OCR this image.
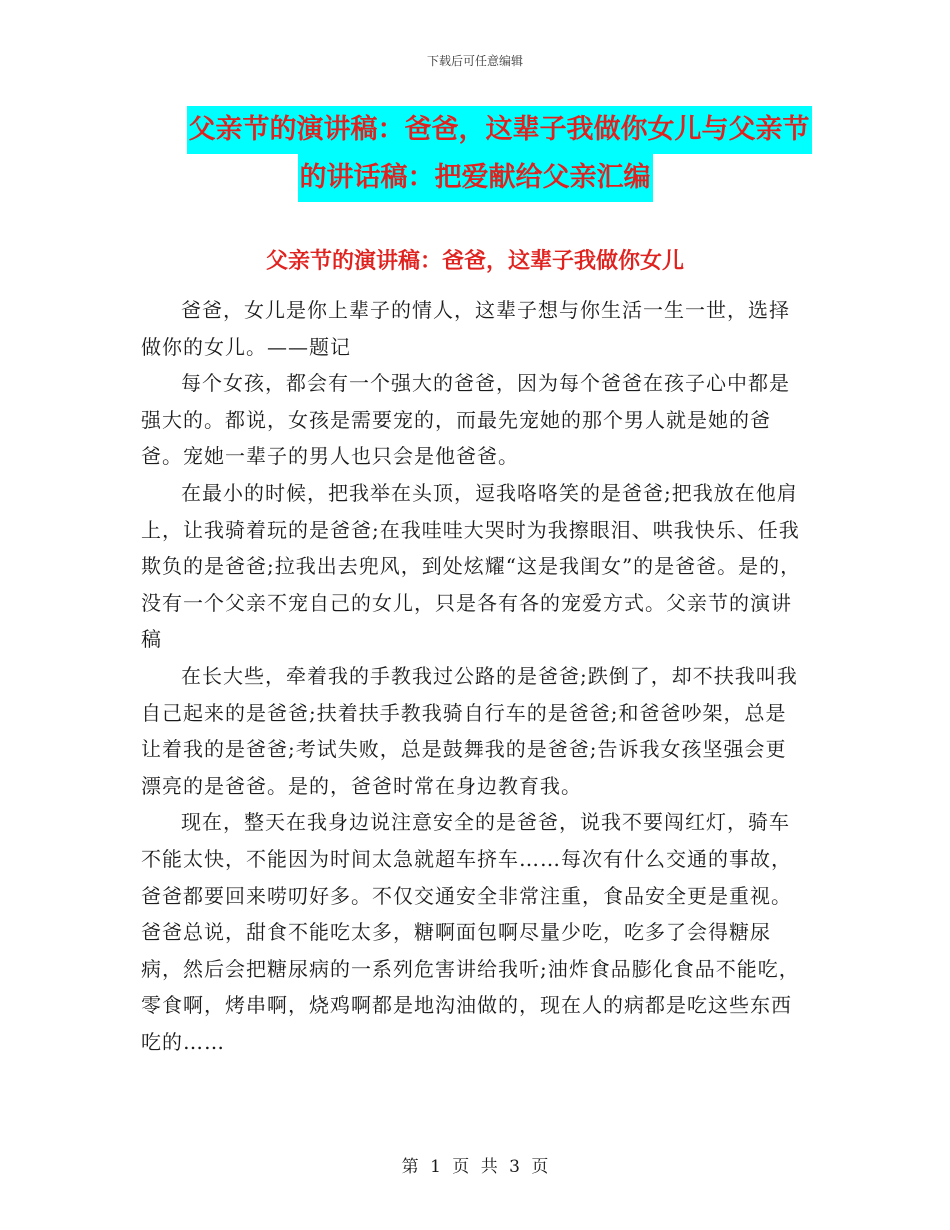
下载后可任意编辑
父亲节的演讲稿：爸爸，这辈子我做你女儿与父亲节
的讲话稿：把爱献给父亲汇编
父亲节的演讲稿：爸爸，这辈子我做你女儿

爸爸，女儿是你上辈子的情人，这辈子想与你生活一生一世，选择做你的女儿。——题记

每个女孩，都会有一个强大的爸爸，因为每个爸爸在孩子心中都是强大的。都说，女孩是需要宠的，而最先宠她的那个男人就是她的爸爸。宠她一辈子的男人也只会是他爸爸。

在最小的时候，把我举在头顶，逗我咯咯笑的是爸爸;把我放在他肩上，让我骑着玩的是爸爸;在我哇哇大哭时为我擦眼泪、哄我快乐、任我欺负的是爸爸;拉我出去兜风，到处炫耀“这是我闺女”的是爸爸。是的，没有一个父亲不宠自己的女儿，只是各有各的宠爱方式。父亲节的演讲稿

在长大些，牵着我的手教我过公路的是爸爸;跌倒了，却不扶我叫我自己起来的是爸爸;扶着扶手教我骑自行车的是爸爸;和爸爸吵架，总是让着我的是爸爸;考试失败，总是鼓舞我的是爸爸;告诉我女孩坚强会更漂亮的是爸爸。是的，爸爸时常在身边教育我。

现在，整天在我身边说注意安全的是爸爸，说我不要闯红灯，骑车不能太快，不能因为时间太急就超车挤车……每次有什么交通的事故，爸爸都要回来唠叨好多。不仅交通安全非常注重，食品安全更是重视。爸爸总说，甜食不能吃太多，糖啊面包啊尽量少吃，吃多了会得糖尿病，然后会把糖尿病的一系列危害讲给我听;油炸食品膨化食品不能吃，零食啊，烤串啊，烧鸡啊都是地沟油做的，现在人的病都是吃这些东西吃的……

第 1 页 共 3 页
